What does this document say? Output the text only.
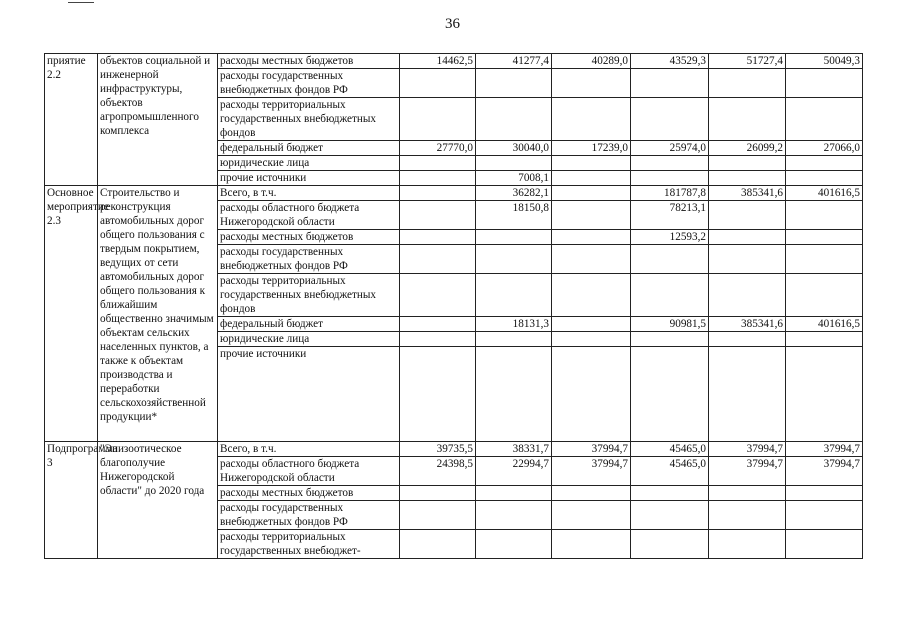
36
приятие 2.2	объектов социальной и инженерной инфраструктуры, объектов агропромышленного комплекса	расходы местных бюджетов	14462,5	41277,4	40289,0	43529,3	51727,4	50049,3
		расходы государственных внебюджетных фондов РФ						
		расходы территориальных государственных внебюджетных фондов						
		федеральный бюджет	27770,0	30040,0	17239,0	25974,0	26099,2	27066,0
		юридические лица						
		прочие источники		7008,1				
Основное мероприятие 2.3	Строительство и реконструкция автомобильных дорог общего пользования с твердым покрытием, ведущих от сети автомобильных дорог общего пользования к ближайшим общественно значимым объектам сельских населенных пунктов, а также к объектам производства и переработки сельскохозяйственной продукции*	Всего, в т.ч.		36282,1		181787,8	385341,6	401616,5
		расходы областного бюджета Нижегородской области		18150,8		78213,1		
		расходы местных бюджетов				12593,2		
		расходы государственных внебюджетных фондов РФ						
		расходы территориальных государственных внебюджетных фондов						
		федеральный бюджет		18131,3		90981,5	385341,6	401616,5
		юридические лица						
		прочие источники						
Подпрограмма 3	"Эпизоотическое благополучие Нижегородской области" до 2020 года	Всего, в т.ч.	39735,5	38331,7	37994,7	45465,0	37994,7	37994,7
		расходы областного бюджета Нижегородской области	24398,5	22994,7	37994,7	45465,0	37994,7	37994,7
		расходы местных бюджетов						
		расходы государственных внебюджетных фондов РФ						
		расходы территориальных государственных внебюджет-						
